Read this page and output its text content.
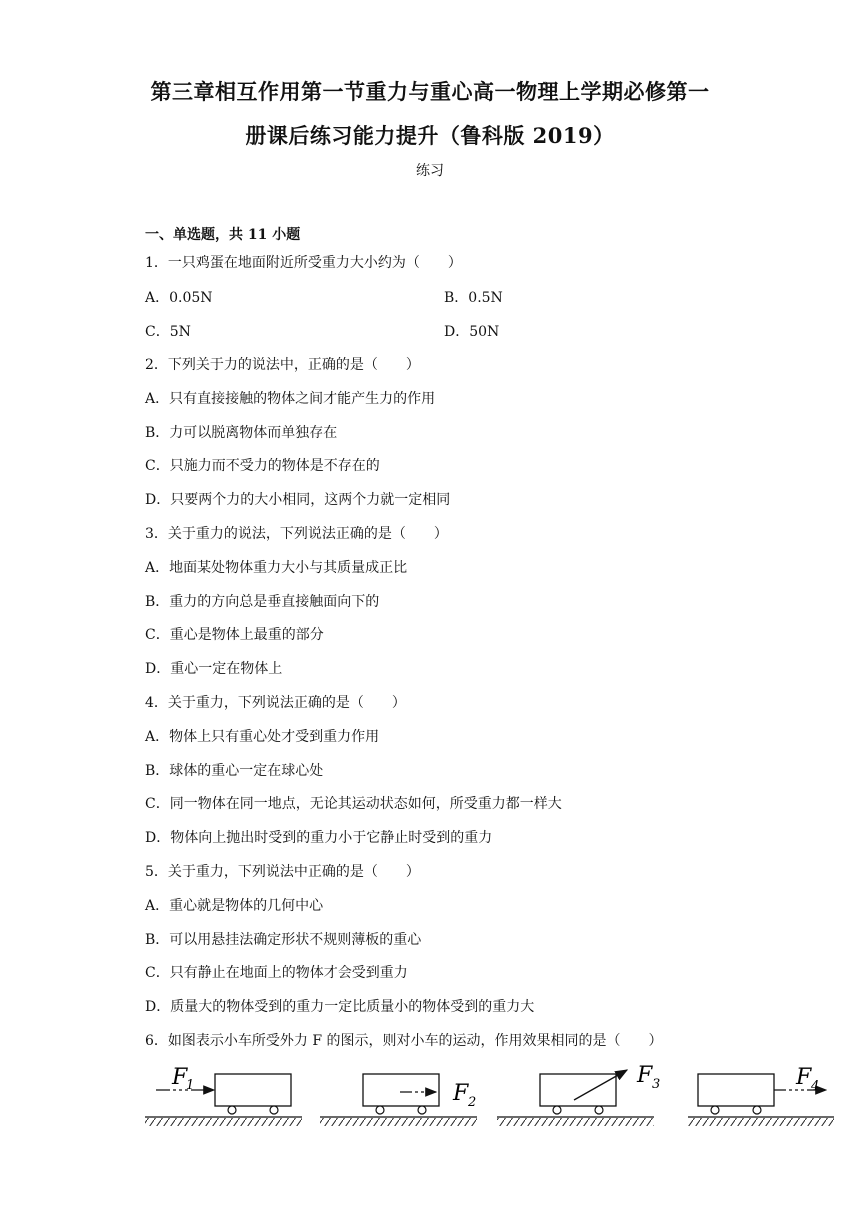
第三章相互作用第一节重力与重心高一物理上学期必修第一
册课后练习能力提升（鲁科版 2019）
练习
一、单选题，共 11 小题
1．一只鸡蛋在地面附近所受重力大小约为（　　）
A．0.05N	B．0.5N
C．5N	D．50N
2．下列关于力的说法中，正确的是（　　）
A．只有直接接触的物体之间才能产生力的作用
B．力可以脱离物体而单独存在
C．只施力而不受力的物体是不存在的
D．只要两个力的大小相同，这两个力就一定相同
3．关于重力的说法，下列说法正确的是（　　）
A．地面某处物体重力大小与其质量成正比
B．重力的方向总是垂直接触面向下的
C．重心是物体上最重的部分
D．重心一定在物体上
4．关于重力，下列说法正确的是（　　）
A．物体上只有重心处才受到重力作用
B．球体的重心一定在球心处
C．同一物体在同一地点，无论其运动状态如何，所受重力都一样大
D．物体向上抛出时受到的重力小于它静止时受到的重力
5．关于重力，下列说法中正确的是（　　）
A．重心就是物体的几何中心
B．可以用悬挂法确定形状不规则薄板的重心
C．只有静止在地面上的物体才会受到重力
D．质量大的物体受到的重力一定比质量小的物体受到的重力大
6．如图表示小车所受外力 F 的图示，则对小车的运动，作用效果相同的是（　　）
F
1	F 2
F 3	F 4
